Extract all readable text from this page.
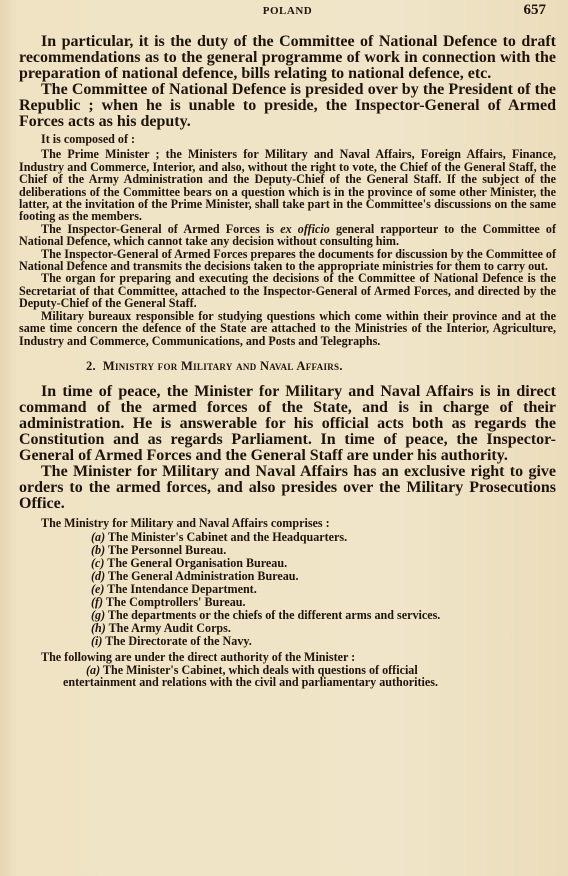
POLAND	657

In particular, it is the duty of the Committee of National Defence to draft recommendations as to the general programme of work in connection with the preparation of national defence, bills relating to national defence, etc.

The Committee of National Defence is presided over by the President of the Republic ; when he is unable to preside, the Inspector-General of Armed Forces acts as his deputy.

It is composed of :

The Prime Minister ; the Ministers for Military and Naval Affairs, Foreign Affairs, Finance, Industry and Commerce, Interior, and also, without the right to vote, the Chief of the General Staff, the Chief of the Army Administration and the Deputy-Chief of the General Staff. If the subject of the deliberations of the Committee bears on a question which is in the province of some other Minister, the latter, at the invitation of the Prime Minister, shall take part in the Committee's discussions on the same footing as the members.

The Inspector-General of Armed Forces is ex officio general rapporteur to the Committee of National Defence, which cannot take any decision without consulting him.

The Inspector-General of Armed Forces prepares the documents for discussion by the Committee of National Defence and transmits the decisions taken to the appropriate ministries for them to carry out.

The organ for preparing and executing the decisions of the Committee of National Defence is the Secretariat of that Committee, attached to the Inspector-General of Armed Forces, and directed by the Deputy-Chief of the General Staff.

Military bureaux responsible for studying questions which come within their province and at the same time concern the defence of the State are attached to the Ministries of the Interior, Agriculture, Industry and Commerce, Communications, and Posts and Telegraphs.

2. Ministry for Military and Naval Affairs.

In time of peace, the Minister for Military and Naval Affairs is in direct command of the armed forces of the State, and is in charge of their administration. He is answerable for his official acts both as regards the Constitution and as regards Parliament. In time of peace, the Inspector-General of Armed Forces and the General Staff are under his authority.

The Minister for Military and Naval Affairs has an exclusive right to give orders to the armed forces, and also presides over the Military Prosecutions Office.

The Ministry for Military and Naval Affairs comprises :

(a) The Minister's Cabinet and the Headquarters.
(b) The Personnel Bureau.
(c) The General Organisation Bureau.
(d) The General Administration Bureau.
(e) The Intendance Department.
(f) The Comptrollers' Bureau.
(g) The departments or the chiefs of the different arms and services.
(h) The Army Audit Corps.
(i) The Directorate of the Navy.

The following are under the direct authority of the Minister :

(a) The Minister's Cabinet, which deals with questions of official
entertainment and relations with the civil and parliamentary authorities.
